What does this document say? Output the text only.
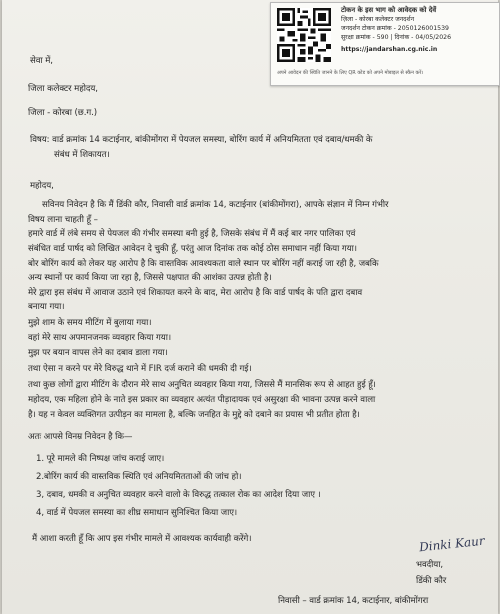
टोकन के इस भाग को आवेदक को देवें
ज़िला - कोरबा कलेक्टर जनदर्शन
जनदर्शन टोकन क्रमांक - 2050126001539
सुरक्षा क्रमांक - 590 | दिनांक - 04/05/2026
https://jandarshan.cg.nic.in
अपने आवेदन की स्थिति जानने के लिए QR कोड को अपने मोबाइल से स्कैन करें।
सेवा में,
जिला कलेक्टर महोदय,
जिला - कोरबा (छ.ग.)
विषय: वार्ड क्रमांक 14 कटाईनार, बांकीमोंगरा में पेयजल समस्या, बोरिंग कार्य में अनियमितता एवं दबाव/धमकी के
संबंध में शिकायत।
महोदय,
सविनय निवेदन है कि मैं डिंकी कौर, निवासी वार्ड क्रमांक 14, कटाईनार (बांकीमोंगरा), आपके संज्ञान में निम्न गंभीर
विषय लाना चाहती हूँ –
हमारे वार्ड में लंबे समय से पेयजल की गंभीर समस्या बनी हुई है, जिसके संबंध में मैं कई बार नगर पालिका एवं
संबंधित वार्ड पार्षद को लिखित आवेदन दे चुकी हूँ, परंतु आज दिनांक तक कोई ठोस समाधान नहीं किया गया।
बोर बोरिंग कार्य को लेकर यह आरोप है कि वास्तविक आवश्यकता वाले स्थान पर बोरिंग नहीं कराई जा रही है, जबकि
अन्य स्थानों पर कार्य किया जा रहा है, जिससे पक्षपात की आशंका उत्पन्न होती है।
मेरे द्वारा इस संबंध में आवाज उठाने एवं शिकायत करने के बाद, मेरा आरोप है कि वार्ड पार्षद के पति द्वारा दबाव
बनाया गया।
मुझे शाम के समय मीटिंग में बुलाया गया।
वहां मेरे साथ अपमानजनक व्यवहार किया गया।
मुझ पर बयान वापस लेने का दबाव डाला गया।
तथा ऐसा न करने पर मेरे विरुद्ध थाने में FIR दर्ज कराने की धमकी दी गई।
तथा कुछ लोगों द्वारा मीटिंग के दौरान मेरे साथ अनुचित व्यवहार किया गया, जिससे मैं मानसिक रूप से आहत हुई हूँ।
महोदय, एक महिला होने के नाते इस प्रकार का व्यवहार अत्यंत पीड़ादायक एवं असुरक्षा की भावना उत्पन्न करने वाला
है। यह न केवल व्यक्तिगत उत्पीड़न का मामला है, बल्कि जनहित के मुद्दे को दबाने का प्रयास भी प्रतीत होता है।
अतः आपसे विनम्र निवेदन है कि—
1. पूरे मामले की निष्पक्ष जांच कराई जाए।
2.बोरिंग कार्य की वास्तविक स्थिति एवं अनियमितताओं की जांच हो।
3, दबाव, धमकी व अनुचित व्यवहार करने वालो के विरुद्ध तत्काल रोक का आदेश दिया जाए ।
4, वार्ड में पेयजल समस्या का शीघ्र समाधान सुनिश्चित किया जाए।
मैं आशा करती हूँ कि आप इस गंभीर मामले में आवश्यक कार्यवाही करेंगे।	Dinki Kaur
भवदीया,
डिंकी कौर
निवासी – वार्ड क्रमांक 14, कटाईनार, बांकीमोंगरा
